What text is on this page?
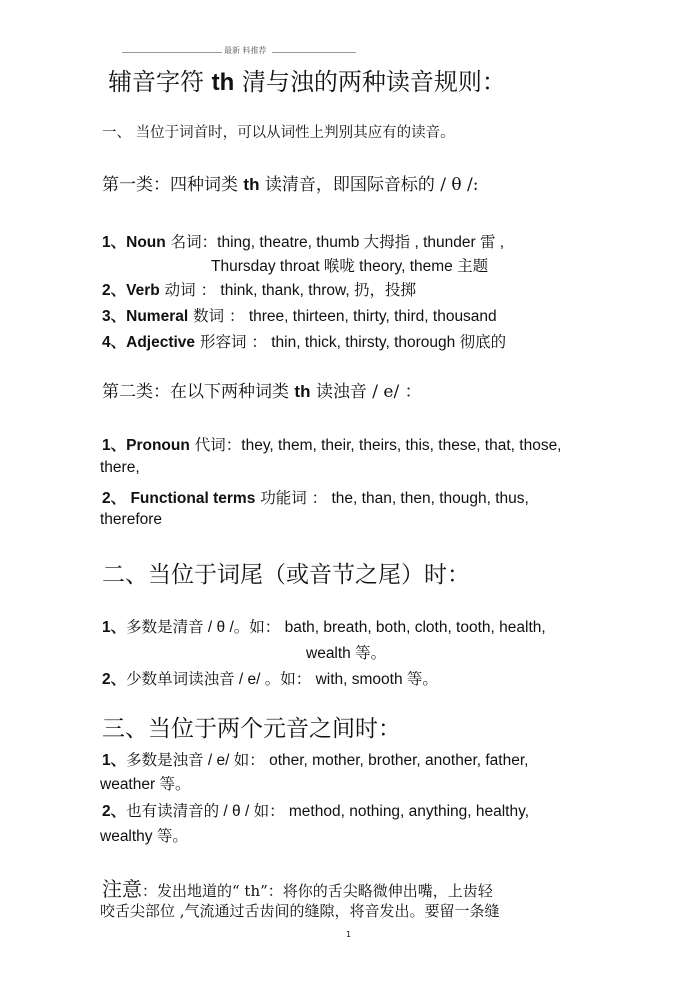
最新 料推荐
辅音字符 th 清与浊的两种读音规则：
一、 当位于词首时，可以从词性上判别其应有的读音。
第一类：四种词类 th 读清音，即国际音标的 / θ /:
1、Noun 名词：thing, theatre, thumb 大拇指 , thunder 雷 ,
Thursday throat 喉咙 theory, theme 主题
2、Verb 动词 ： think, thank, throw, 扔，投掷
3、Numeral 数词 ： three, thirteen, thirty, third, thousand
4、Adjective 形容词 ： thin, thick, thirsty, thorough 彻底的
第二类：在以下两种词类 th 读浊音 / e/ ：
1、Pronoun 代词：they, them, their, theirs, this, these, that, those,
there,
2、 Functional terms 功能词 ： the, than, then, though, thus,
therefore
二、当位于词尾（或音节之尾）时：
1、多数是清音 / θ /。如： bath, breath, both, cloth, tooth, health,
wealth 等。
2、少数单词读浊音 / e/ 。如： with, smooth 等。
三、当位于两个元音之间时：
1、多数是浊音 / e/ 如： other, mother, brother, another, father,
weather 等。
2、也有读清音的 / θ / 如： method, nothing, anything, healthy,
wealthy 等。
注意：发出地道的“ th”：将你的舌尖略微伸出嘴，上齿轻
咬舌尖部位 ,气流通过舌齿间的缝隙，将音发出。要留一条缝
1
